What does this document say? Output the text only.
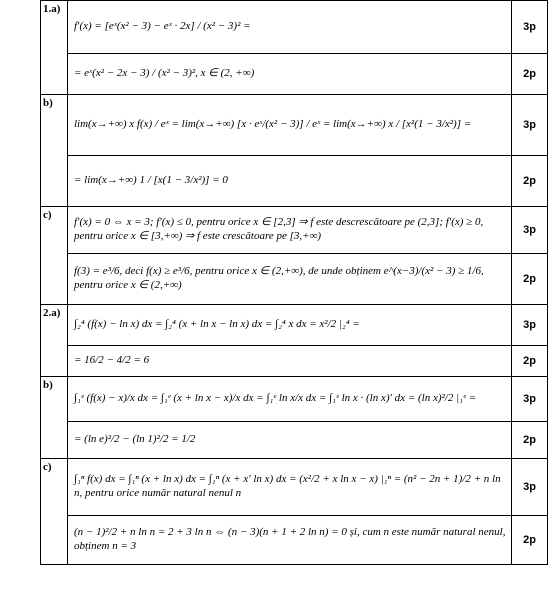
1.a)	f′(x) = [eˣ(x² − 3) − eˣ · 2x] / (x² − 3)² = 3p
= eˣ(x² − 2x − 3) / (x² − 3)², x ∈ (2, +∞) 2p

b)	lim(x→+∞) x f(x) / eˣ = lim(x→+∞) [x · eˣ/(x² − 3)] / eˣ = lim(x→+∞) x / [x²(1 − 3/x²)] = 3p
= lim(x→+∞) 1 / [x(1 − 3/x²)] = 0 2p

c)	f′(x) = 0 ⇔ x = 3; f′(x) ≤ 0, pentru orice x ∈ [2,3] ⇒ f este descrescătoare pe (2,3]; f′(x) ≥ 0, pentru orice x ∈ [3,+∞) ⇒ f este crescătoare pe [3,+∞) 3p
f(3) = e³/6, deci f(x) ≥ e³/6, pentru orice x ∈ (2,+∞), de unde obținem e^(x−3)/(x² − 3) ≥ 1/6, pentru orice x ∈ (2,+∞) 2p

2.a)	∫₂⁴ (f(x) − ln x) dx = ∫₂⁴ (x + ln x − ln x) dx = ∫₂⁴ x dx = x²/2 |₂⁴ = 3p
= 16/2 − 4/2 = 6 2p

b)	∫₁ᵉ (f(x) − x)/x dx = ∫₁ᵉ (x + ln x − x)/x dx = ∫₁ᵉ ln x/x dx = ∫₁ᵉ ln x · (ln x)′ dx = (ln x)²/2 |₁ᵉ = 3p
= (ln e)²/2 − (ln 1)²/2 = 1/2 2p

c)	∫₁ⁿ f(x) dx = ∫₁ⁿ (x + ln x) dx = ∫₁ⁿ (x + x′ ln x) dx = (x²/2 + x ln x − x) |₁ⁿ = (n² − 2n + 1)/2 + n ln n, pentru orice număr natural nenul n 3p
(n − 1)²/2 + n ln n = 2 + 3 ln n ⇔ (n − 3)(n + 1 + 2 ln n) = 0 și, cum n este număr natural nenul, obținem n = 3 2p
